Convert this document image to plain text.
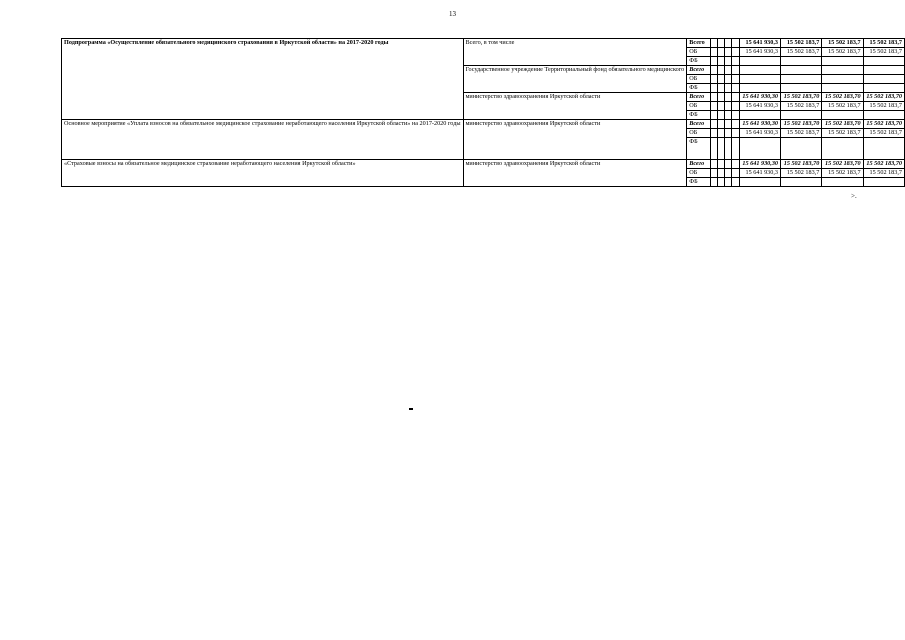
13
Подпрограмма «Осуществление обязательного медицинского страхования в Иркутской области» на 2017-2020 годы	Всего, в том числе	Всего					15 641 930,3	15 502 183,7	15 502 183,7	15 502 183,7
		ОБ					15 641 930,3	15 502 183,7	15 502 183,7	15 502 183,7
		ФБ								
	Государственное учреждение Территориальный фонд обязательного медицинского	Всего								
		ОБ								
		ФБ								
	министерство здравоохранения Иркутской области	Всего					15 641 930,30	15 502 183,70	15 502 183,70	15 502 183,70
		ОБ					15 641 930,3	15 502 183,7	15 502 183,7	15 502 183,7
		ФБ								
Основное мероприятие «Уплата взносов на обязательное медицинское страхование неработающего населения Иркутской области» на 2017-2020 годы	министерство здравоохранения Иркутской области	Всего					15 641 930,30	15 502 183,70	15 502 183,70	15 502 183,70
		ОБ					15 641 930,3	15 502 183,7	15 502 183,7	15 502 183,7
		ФБ								
«Страховые взносы на обязательное медицинское страхование неработающего населения Иркутской области»	министерство здравоохранения Иркутской области	Всего					15 641 930,30	15 502 183,70	15 502 183,70	15 502 183,70
		ОБ					15 641 930,3	15 502 183,7	15 502 183,7	15 502 183,7
		ФБ								
>.
